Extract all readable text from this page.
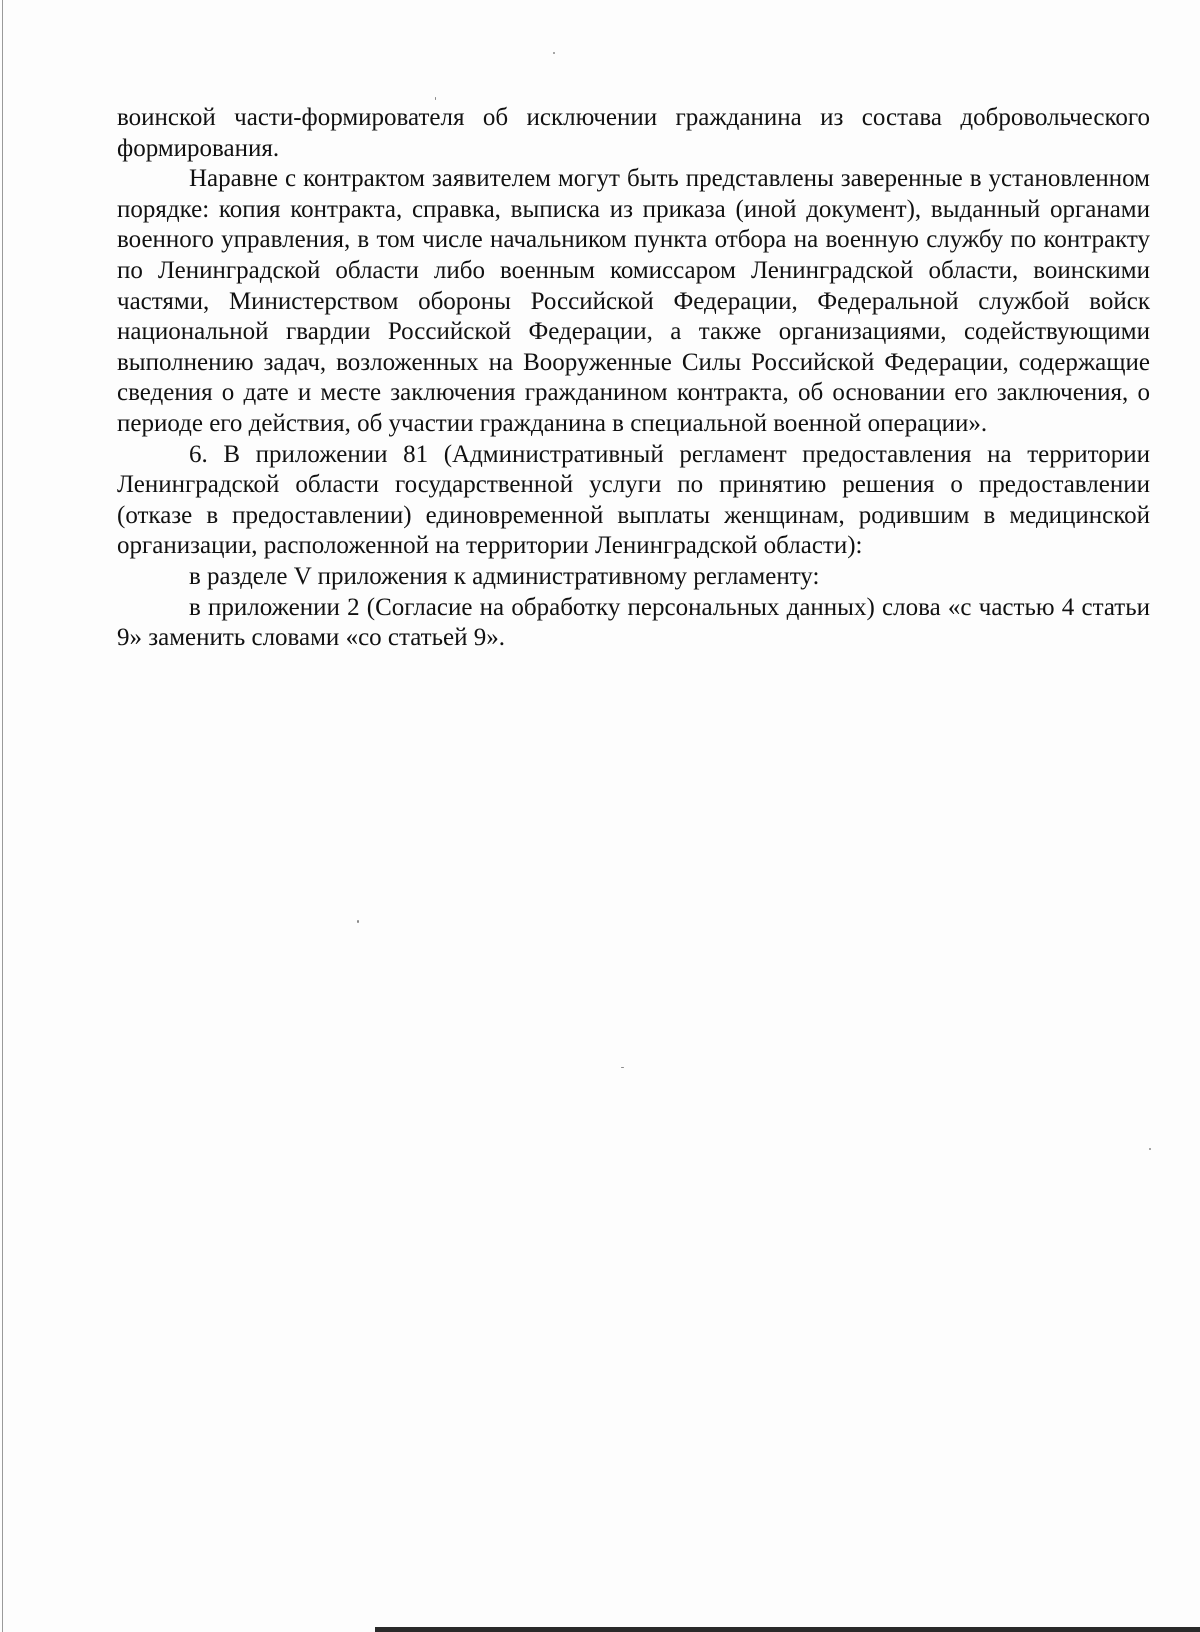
воинской части-формирователя об исключении гражданина из состава добровольческого формирования.

Наравне с контрактом заявителем могут быть представлены заверенные в установленном порядке: копия контракта, справка, выписка из приказа (иной документ), выданный органами военного управления, в том числе начальником пункта отбора на военную службу по контракту по Ленинградской области либо военным комиссаром Ленинградской области, воинскими частями, Министерством обороны Российской Федерации, Федеральной службой войск национальной гвардии Российской Федерации, а также организациями, содействующими выполнению задач, возложенных на Вооруженные Силы Российской Федерации, содержащие сведения о дате и месте заключения гражданином контракта, об основании его заключения, о периоде его действия, об участии гражданина в специальной военной операции».

6. В приложении 81 (Административный регламент предоставления на территории Ленинградской области государственной услуги по принятию решения о предоставлении (отказе в предоставлении) единовременной выплаты женщинам, родившим в медицинской организации, расположенной на территории Ленинградской области):

в разделе V приложения к административному регламенту:

в приложении 2 (Согласие на обработку персональных данных) слова «с частью 4 статьи 9» заменить словами «со статьей 9».
